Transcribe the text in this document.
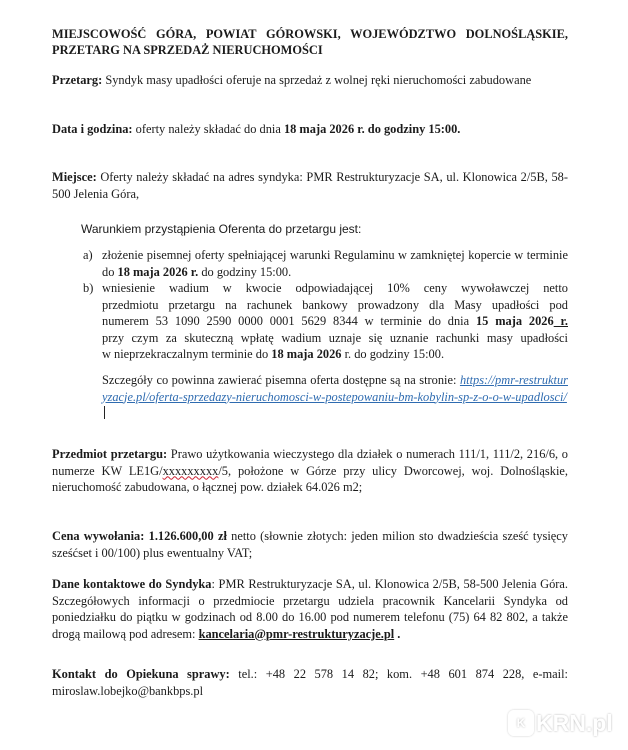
MIEJSCOWOŚĆ GÓRA, POWIAT GÓROWSKI, WOJEWÓDZTWO DOLNOŚLĄSKIE, PRZETARG NA SPRZEDAŻ NIERUCHOMOŚCI

Przetarg: Syndyk masy upadłości oferuje na sprzedaż z wolnej ręki nieruchomości zabudowane

Data i godzina: oferty należy składać do dnia 18 maja 2026 r. do godziny 15:00.

Miejsce: Oferty należy składać na adres syndyka: PMR Restrukturyzacje SA, ul. Klonowica 2/5B, 58-500 Jelenia Góra,

Warunkiem przystąpienia Oferenta do przetargu jest:

a) złożenie pisemnej oferty spełniającej warunki Regulaminu w zamkniętej kopercie w terminie do 18 maja 2026 r. do godziny 15:00.
b) wniesienie wadium w kwocie odpowiadającej 10% ceny wywoławczej netto
przedmiotu przetargu na rachunek bankowy prowadzony dla Masy upadłości pod
numerem 53 1090 2590 0000 0001 5629 8344 w terminie do dnia 15 maja 2026 r.
przy czym za skuteczną wpłatę wadium uznaje się uznanie rachunki masy upadłości
w nieprzekraczalnym terminie do 18 maja 2026 r. do godziny 15:00.

Szczegóły co powinna zawierać pisemna oferta dostępne są na stronie: https://pmr-restrukturyzacje.pl/oferta-sprzedazy-nieruchomosci-w-postepowaniu-bm-kobylin-sp-z-o-o-w-upadlosci/

Przedmiot przetargu: Prawo użytkowania wieczystego dla działek o numerach 111/1, 111/2, 216/6, o numerze KW LE1G/xxxxxxxxx/5, położone w Górze przy ulicy Dworcowej, woj. Dolnośląskie, nieruchomość zabudowana, o łącznej pow. działek 64.026 m2;

Cena wywołania: 1.126.600,00 zł netto (słownie złotych: jeden milion sto dwadzieścia sześć tysięcy sześćset i 00/100) plus ewentualny VAT;

Dane kontaktowe do Syndyka: PMR Restrukturyzacje SA, ul. Klonowica 2/5B, 58-500 Jelenia Góra. Szczegółowych informacji o przedmiocie przetargu udziela pracownik Kancelarii Syndyka od poniedziałku do piątku w godzinach od 8.00 do 16.00 pod numerem telefonu (75) 64 82 802, a także drogą mailową pod adresem: kancelaria@pmr-restrukturyzacje.pl .

Kontakt do Opiekuna sprawy: tel.: +48 22 578 14 82; kom. +48 601 874 228, e-mail: miroslaw.lobejko@bankbps.pl

K KRN.pl
